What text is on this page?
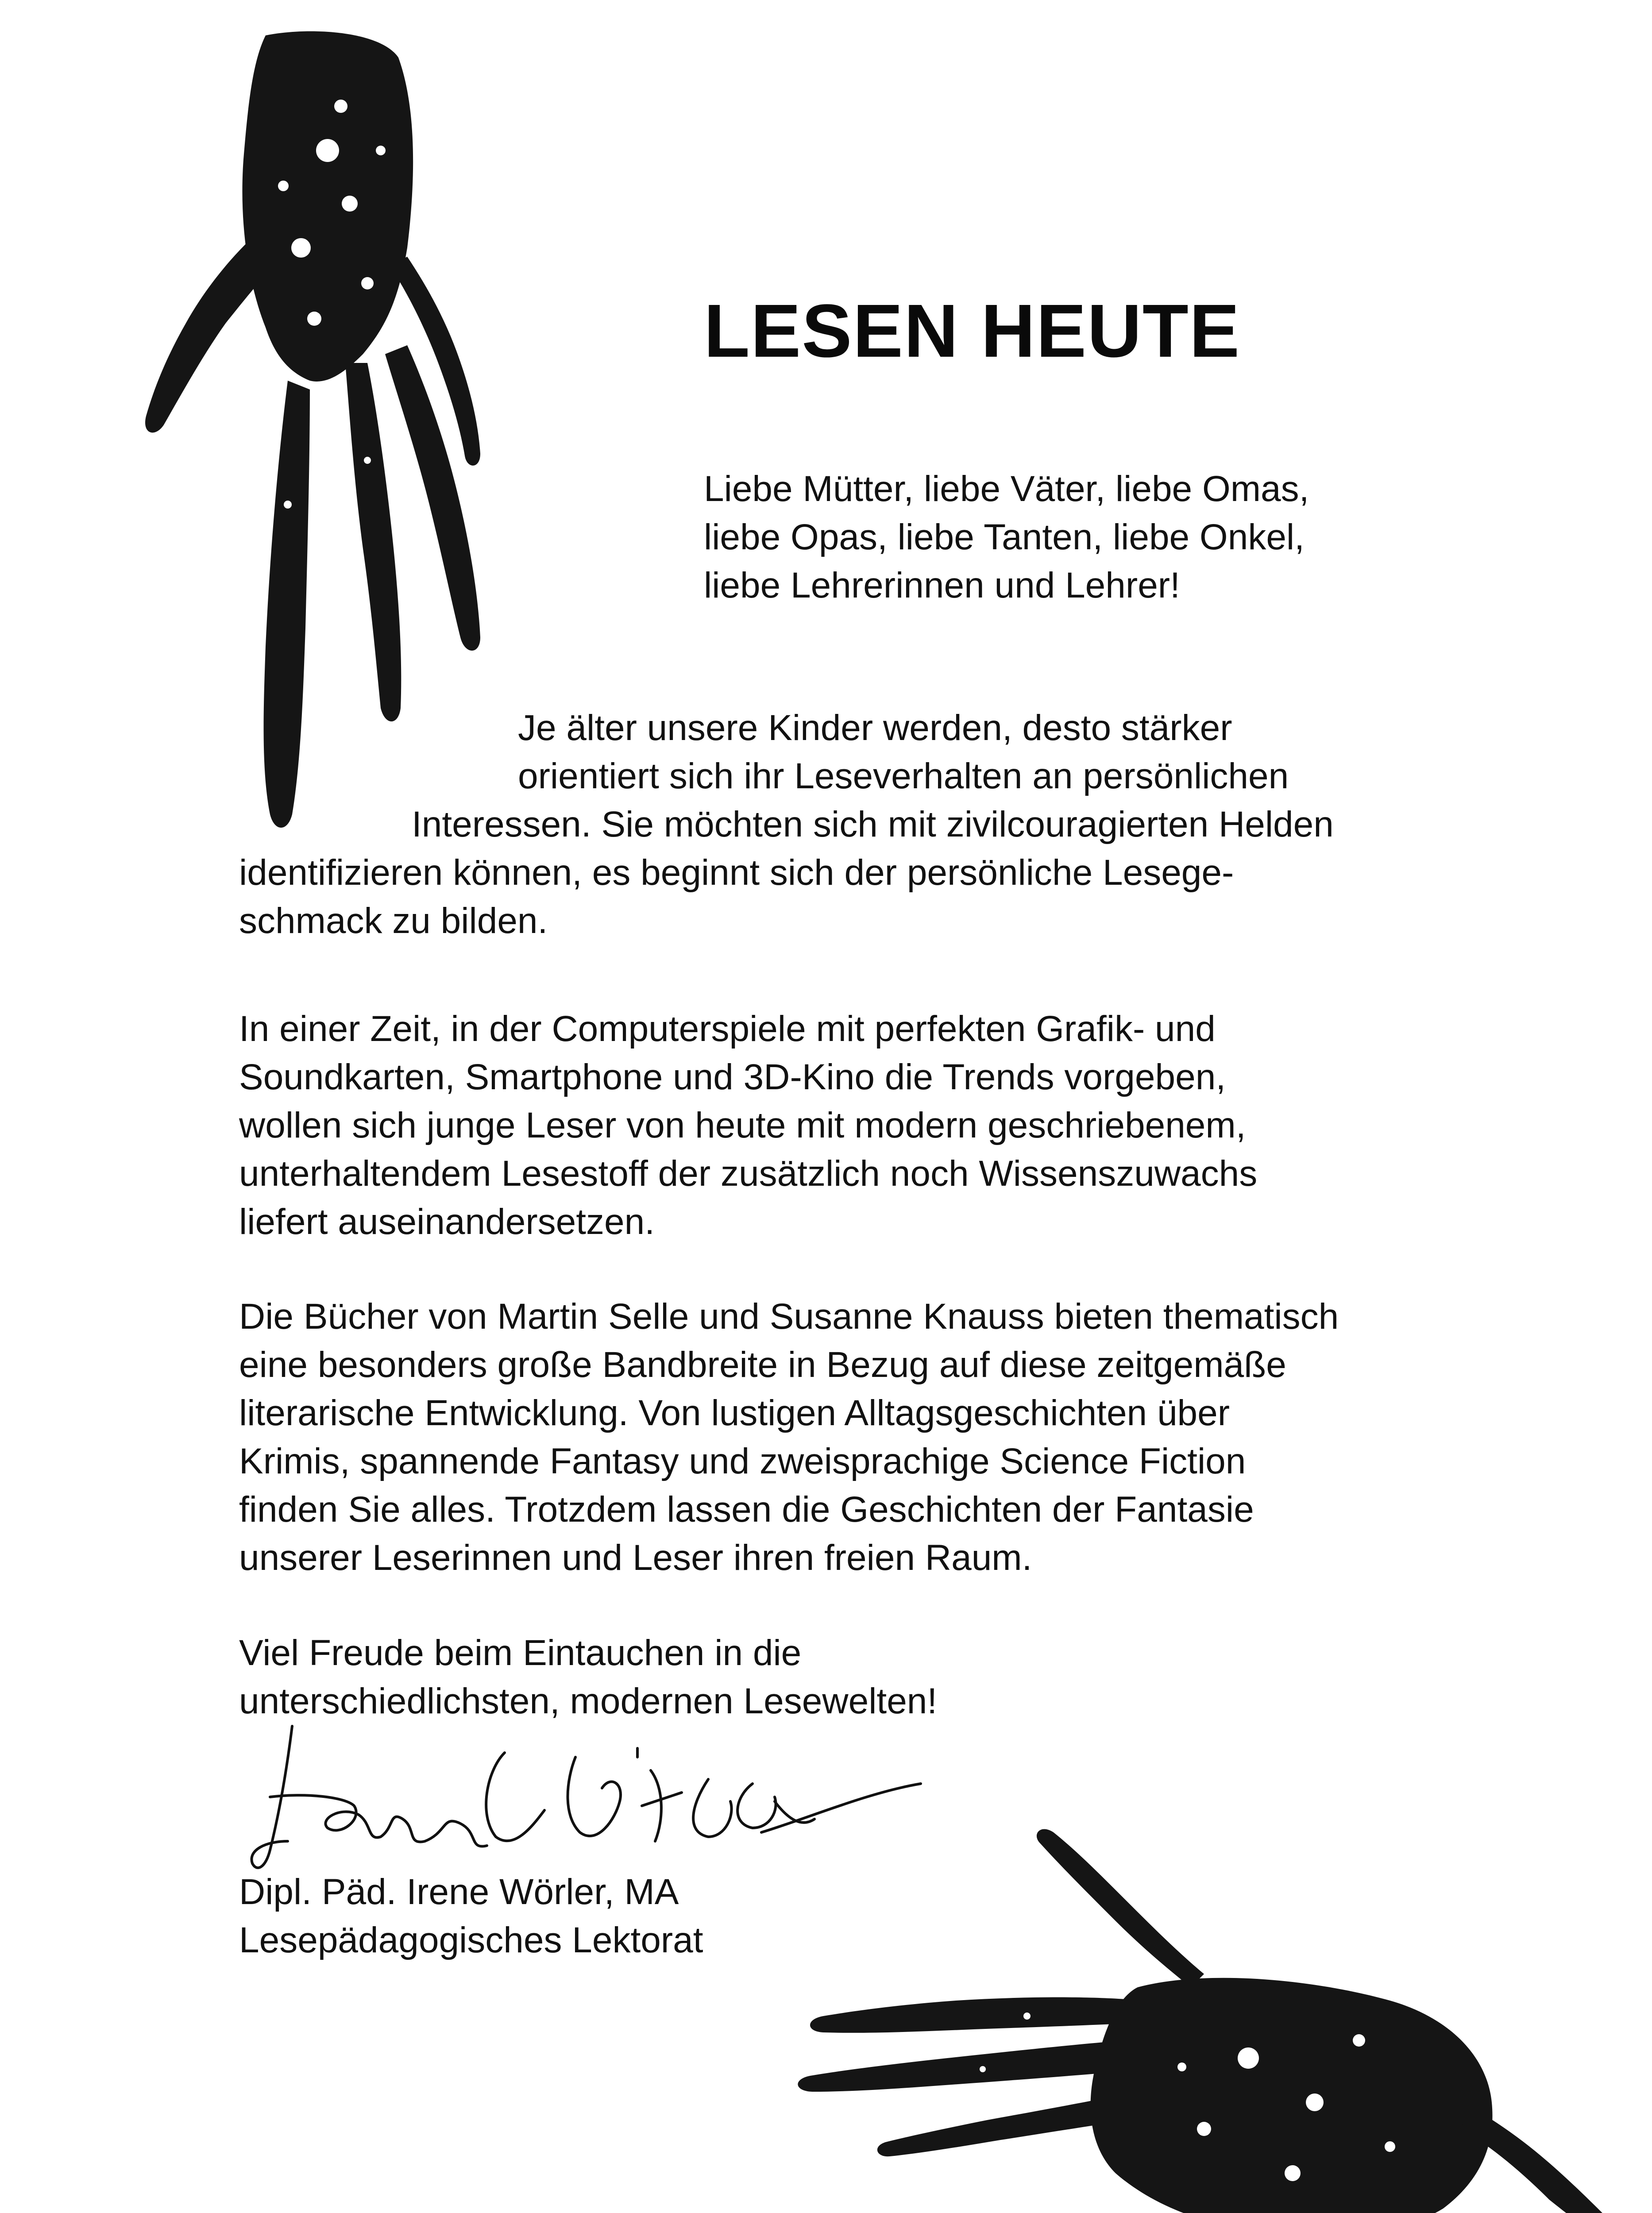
LESEN HEUTE
Liebe Mütter, liebe Väter, liebe Omas,
liebe Opas, liebe Tanten, liebe Onkel,
liebe Lehrerinnen und Lehrer!
Je älter unsere Kinder werden, desto stärker
orientiert sich ihr Leseverhalten an persönlichen
Interessen. Sie möchten sich mit zivilcouragierten Helden
identifizieren können, es beginnt sich der persönliche Lesege-
schmack zu bilden.
In einer Zeit, in der Computerspiele mit perfekten Grafik- und
Soundkarten, Smartphone und 3D-Kino die Trends vorgeben,
wollen sich junge Leser von heute mit modern geschriebenem,
unterhaltendem Lesestoff der zusätzlich noch Wissenszuwachs
liefert auseinandersetzen.
Die Bücher von Martin Selle und Susanne Knauss bieten thematisch
eine besonders große Bandbreite in Bezug auf diese zeitgemäße
literarische Entwicklung. Von lustigen Alltagsgeschichten über
Krimis, spannende Fantasy und zweisprachige Science Fiction
finden Sie alles. Trotzdem lassen die Geschichten der Fantasie
unserer Leserinnen und Leser ihren freien Raum.
Viel Freude beim Eintauchen in die
unterschiedlichsten, modernen Lesewelten!
Dipl. Päd. Irene Wörler, MA
Lesepädagogisches Lektorat
